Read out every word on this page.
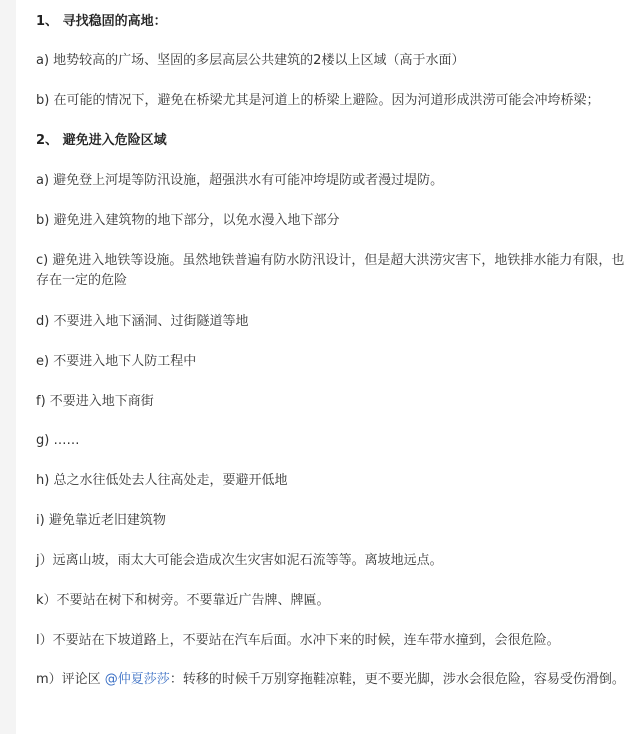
1、 寻找稳固的高地：
a) 地势较高的广场、坚固的多层高层公共建筑的2楼以上区域（高于水面）
b) 在可能的情况下，避免在桥梁尤其是河道上的桥梁上避险。因为河道形成洪涝可能会冲垮桥梁；
2、 避免进入危险区域
a) 避免登上河堤等防汛设施，超强洪水有可能冲垮堤防或者漫过堤防。
b) 避免进入建筑物的地下部分，以免水漫入地下部分
c) 避免进入地铁等设施。虽然地铁普遍有防水防汛设计，但是超大洪涝灾害下，地铁排水能力有限，也存在一定的危险
d) 不要进入地下涵洞、过街隧道等地
e) 不要进入地下人防工程中
f) 不要进入地下商街
g) ……
h) 总之水往低处去人往高处走，要避开低地
i) 避免靠近老旧建筑物
j）远离山坡，雨太大可能会造成次生灾害如泥石流等等。离坡地远点。
k）不要站在树下和树旁。不要靠近广告牌、牌匾。
l）不要站在下坡道路上，不要站在汽车后面。水冲下来的时候，连车带水撞到，会很危险。
m）评论区 @仲夏莎莎：转移的时候千万别穿拖鞋凉鞋，更不要光脚，涉水会很危险，容易受伤滑倒。
